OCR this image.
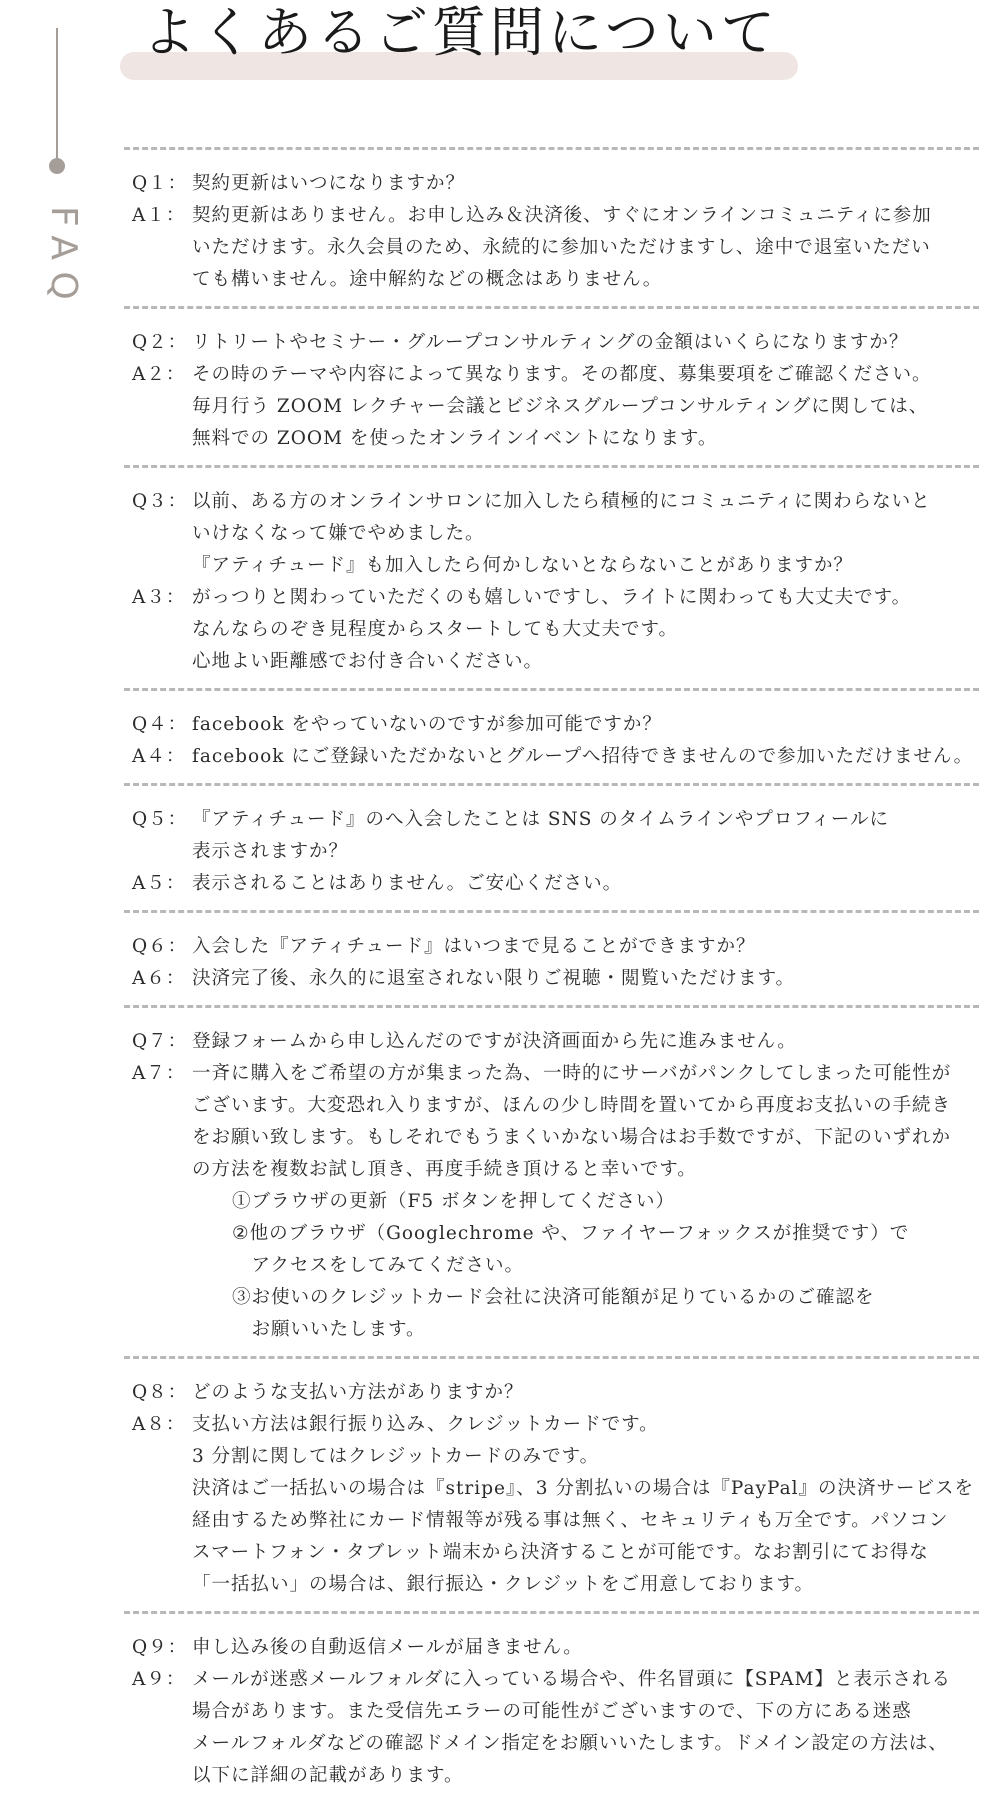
FAQ
よくあるご質問について
Q１： 契約更新はいつになりますか？
A１： 契約更新はありません。お申し込み＆決済後、すぐにオンラインコミュニティに参加
いただけます。永久会員のため、永続的に参加いただけますし、途中で退室いただい
ても構いません。途中解約などの概念はありません。
Q２： リトリートやセミナー・グループコンサルティングの金額はいくらになりますか？
A２： その時のテーマや内容によって異なります。その都度、募集要項をご確認ください。
毎月行う ZOOM レクチャー会議とビジネスグループコンサルティングに関しては、
無料での ZOOM を使ったオンラインイベントになります。
Q３： 以前、ある方のオンラインサロンに加入したら積極的にコミュニティに関わらないと
いけなくなって嫌でやめました。
『アティチュード』も加入したら何かしないとならないことがありますか？
A３： がっつりと関わっていただくのも嬉しいですし、ライトに関わっても大丈夫です。
なんならのぞき見程度からスタートしても大丈夫です。
心地よい距離感でお付き合いください。
Q４： facebook をやっていないのですが参加可能ですか？
A４： facebook にご登録いただかないとグループへ招待できませんので参加いただけません。
Q５： 『アティチュード』のへ入会したことは SNS のタイムラインやプロフィールに
表示されますか？
A５： 表示されることはありません。ご安心ください。
Q６： 入会した『アティチュード』はいつまで見ることができますか？
A６： 決済完了後、永久的に退室されない限りご視聴・閲覧いただけます。
Q７： 登録フォームから申し込んだのですが決済画面から先に進みません。
A７： 一斉に購入をご希望の方が集まった為、一時的にサーバがパンクしてしまった可能性が
ございます。大変恐れ入りますが、ほんの少し時間を置いてから再度お支払いの手続き
をお願い致します。もしそれでもうまくいかない場合はお手数ですが、下記のいずれか
の方法を複数お試し頂き、再度手続き頂けると幸いです。
①ブラウザの更新（F5 ボタンを押してください）
②他のブラウザ（Googlechrome や、ファイヤーフォックスが推奨です）で
　アクセスをしてみてください。
③お使いのクレジットカード会社に決済可能額が足りているかのご確認を
　お願いいたします。
Q８： どのような支払い方法がありますか？
A８： 支払い方法は銀行振り込み、クレジットカードです。
3 分割に関してはクレジットカードのみです。
決済はご一括払いの場合は『stripe』、3 分割払いの場合は『PayPal』の決済サービスを
経由するため弊社にカード情報等が残る事は無く、セキュリティも万全です。パソコン
スマートフォン・タブレット端末から決済することが可能です。なお割引にてお得な
「一括払い」の場合は、銀行振込・クレジットをご用意しております。
Q９： 申し込み後の自動返信メールが届きません。
A９： メールが迷惑メールフォルダに入っている場合や、件名冒頭に【SPAM】と表示される
場合があります。また受信先エラーの可能性がございますので、下の方にある迷惑
メールフォルダなどの確認ドメイン指定をお願いいたします。ドメイン設定の方法は、
以下に詳細の記載があります。
